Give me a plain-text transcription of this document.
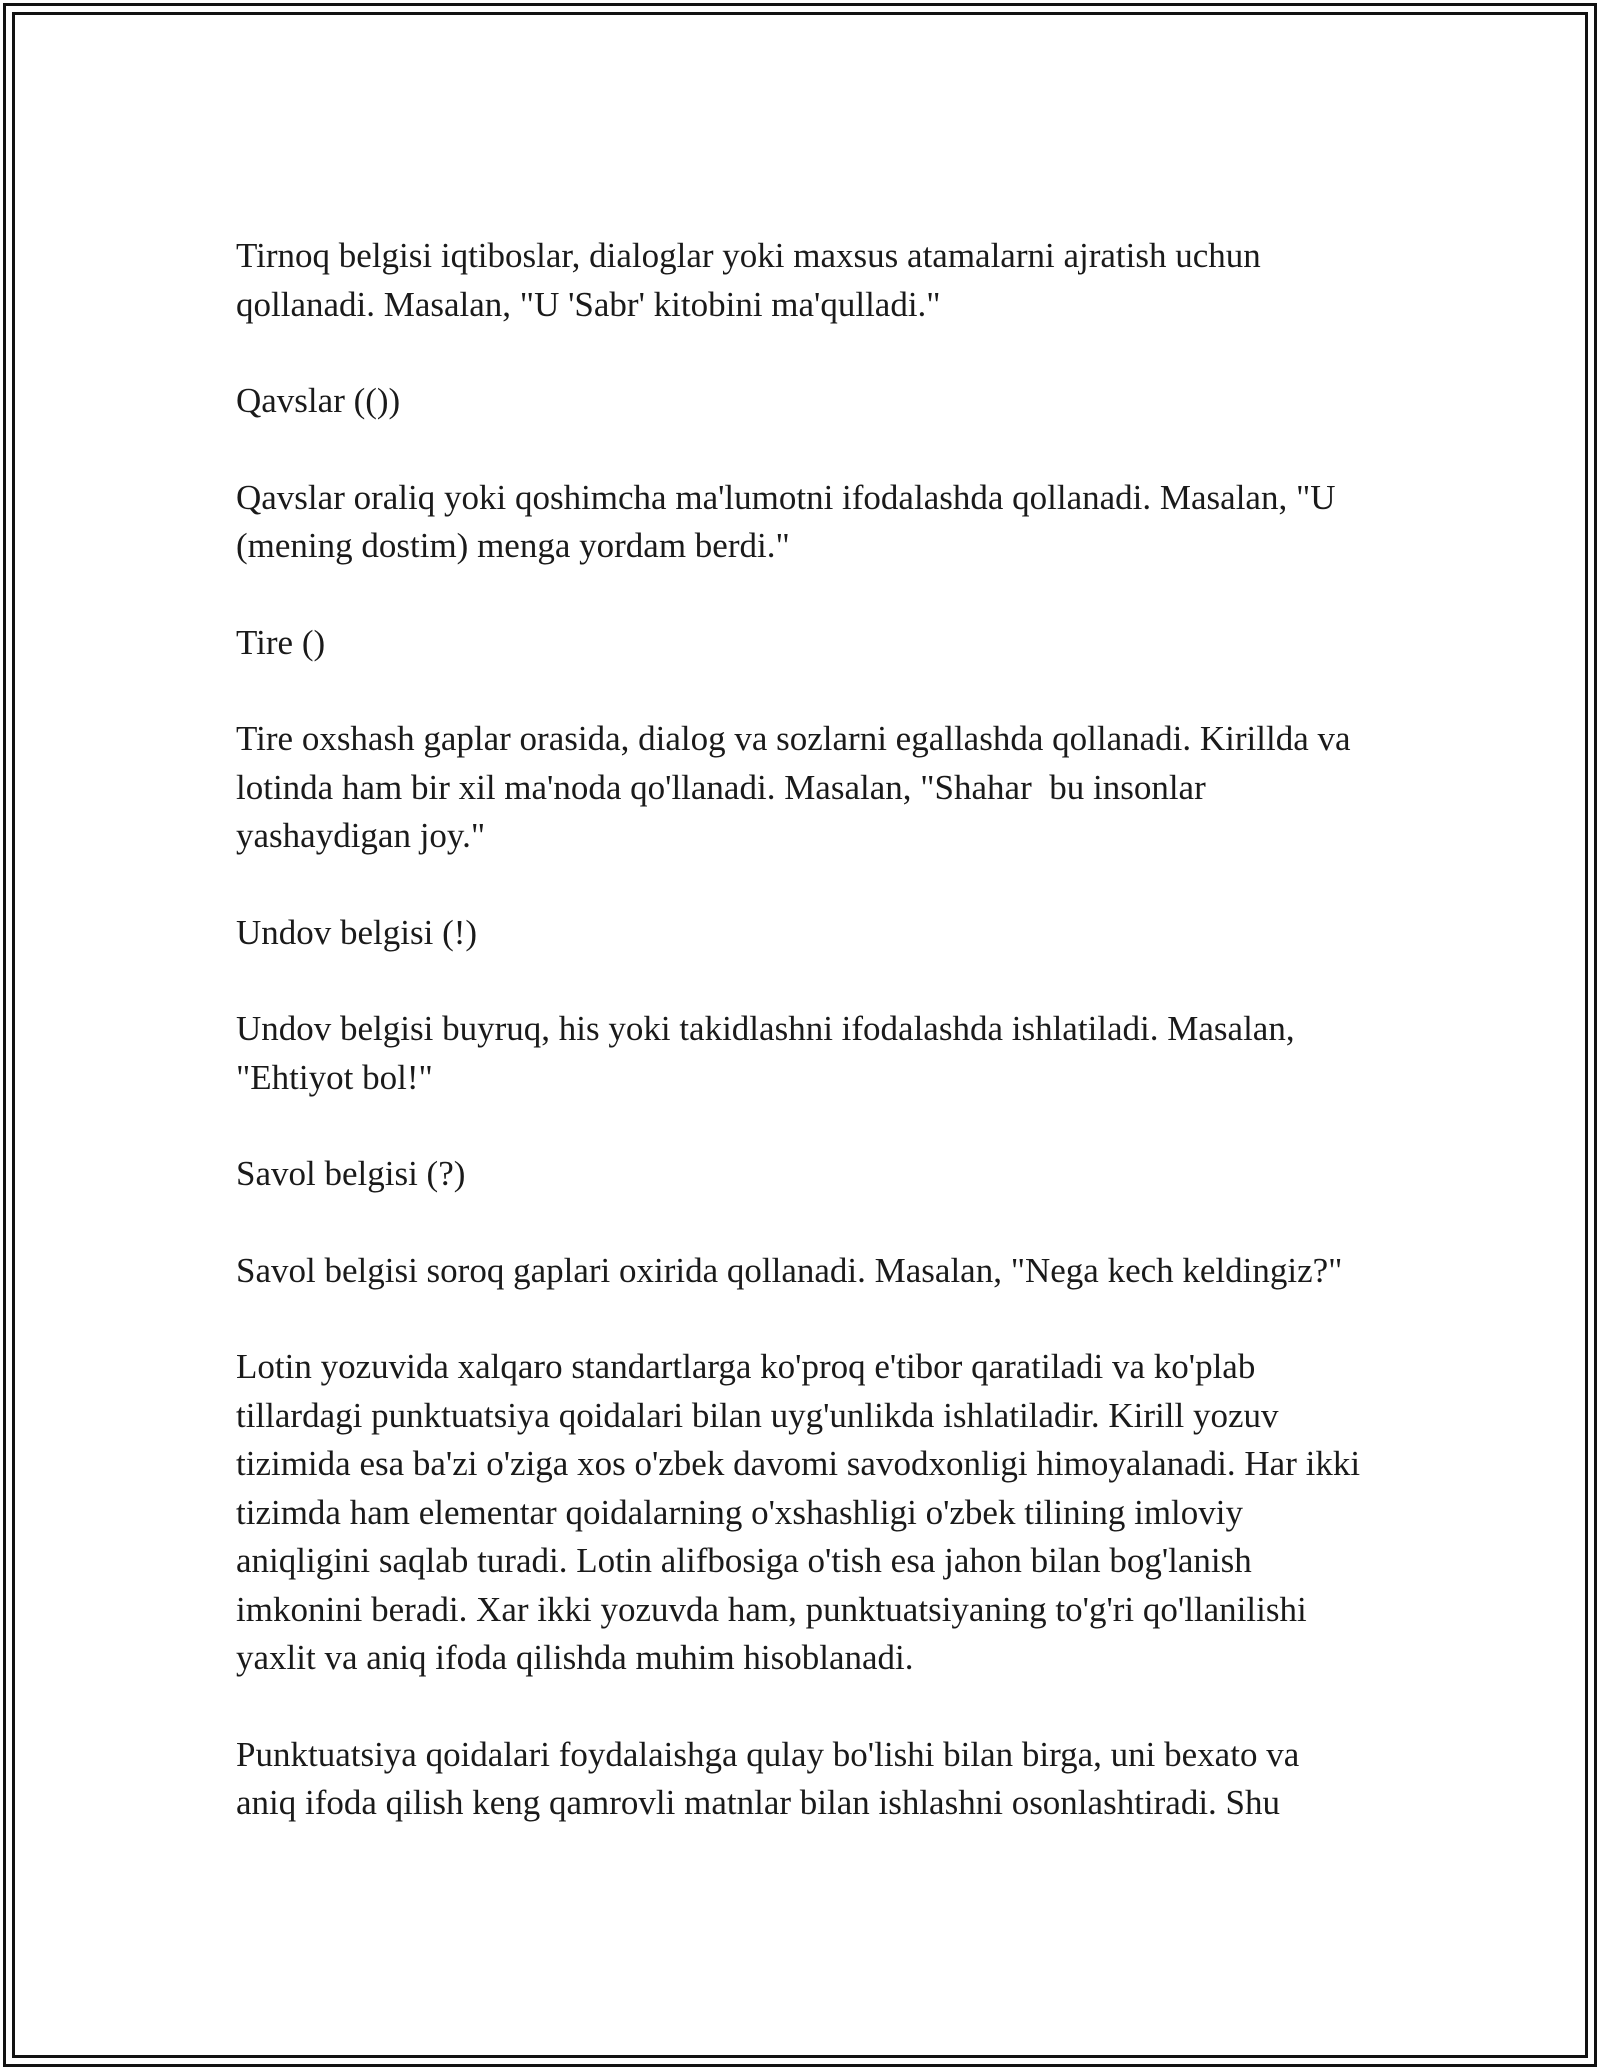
Tirnoq belgisi iqtiboslar, dialoglar yoki maxsus atamalarni ajratish uchun qollanadi. Masalan, "U 'Sabr' kitobini ma'qulladi."

Qavslar (())

Qavslar oraliq yoki qoshimcha ma'lumotni ifodalashda qollanadi. Masalan, "U (mening dostim) menga yordam berdi."

Tire ()

Tire oxshash gaplar orasida, dialog va sozlarni egallashda qollanadi. Kirillda va lotinda ham bir xil ma'noda qo'llanadi. Masalan, "Shahar  bu insonlar yashaydigan joy."

Undov belgisi (!)

Undov belgisi buyruq, his yoki takidlashni ifodalashda ishlatiladi. Masalan, "Ehtiyot bol!"

Savol belgisi (?)

Savol belgisi soroq gaplari oxirida qollanadi. Masalan, "Nega kech keldingiz?"

Lotin yozuvida xalqaro standartlarga ko'proq e'tibor qaratiladi va ko'plab tillardagi punktuatsiya qoidalari bilan uyg'unlikda ishlatiladir. Kirill yozuv tizimida esa ba'zi o'ziga xos o'zbek davomi savodxonligi himoyalanadi. Har ikki tizimda ham elementar qoidalarning o'xshashligi o'zbek tilining imloviy aniqligini saqlab turadi. Lotin alifbosiga o'tish esa jahon bilan bog'lanish imkonini beradi. Xar ikki yozuvda ham, punktuatsiyaning to'g'ri qo'llanilishi yaxlit va aniq ifoda qilishda muhim hisoblanadi.

Punktuatsiya qoidalari foydalaishga qulay bo'lishi bilan birga, uni bexato va aniq ifoda qilish keng qamrovli matnlar bilan ishlashni osonlashtiradi. Shu
